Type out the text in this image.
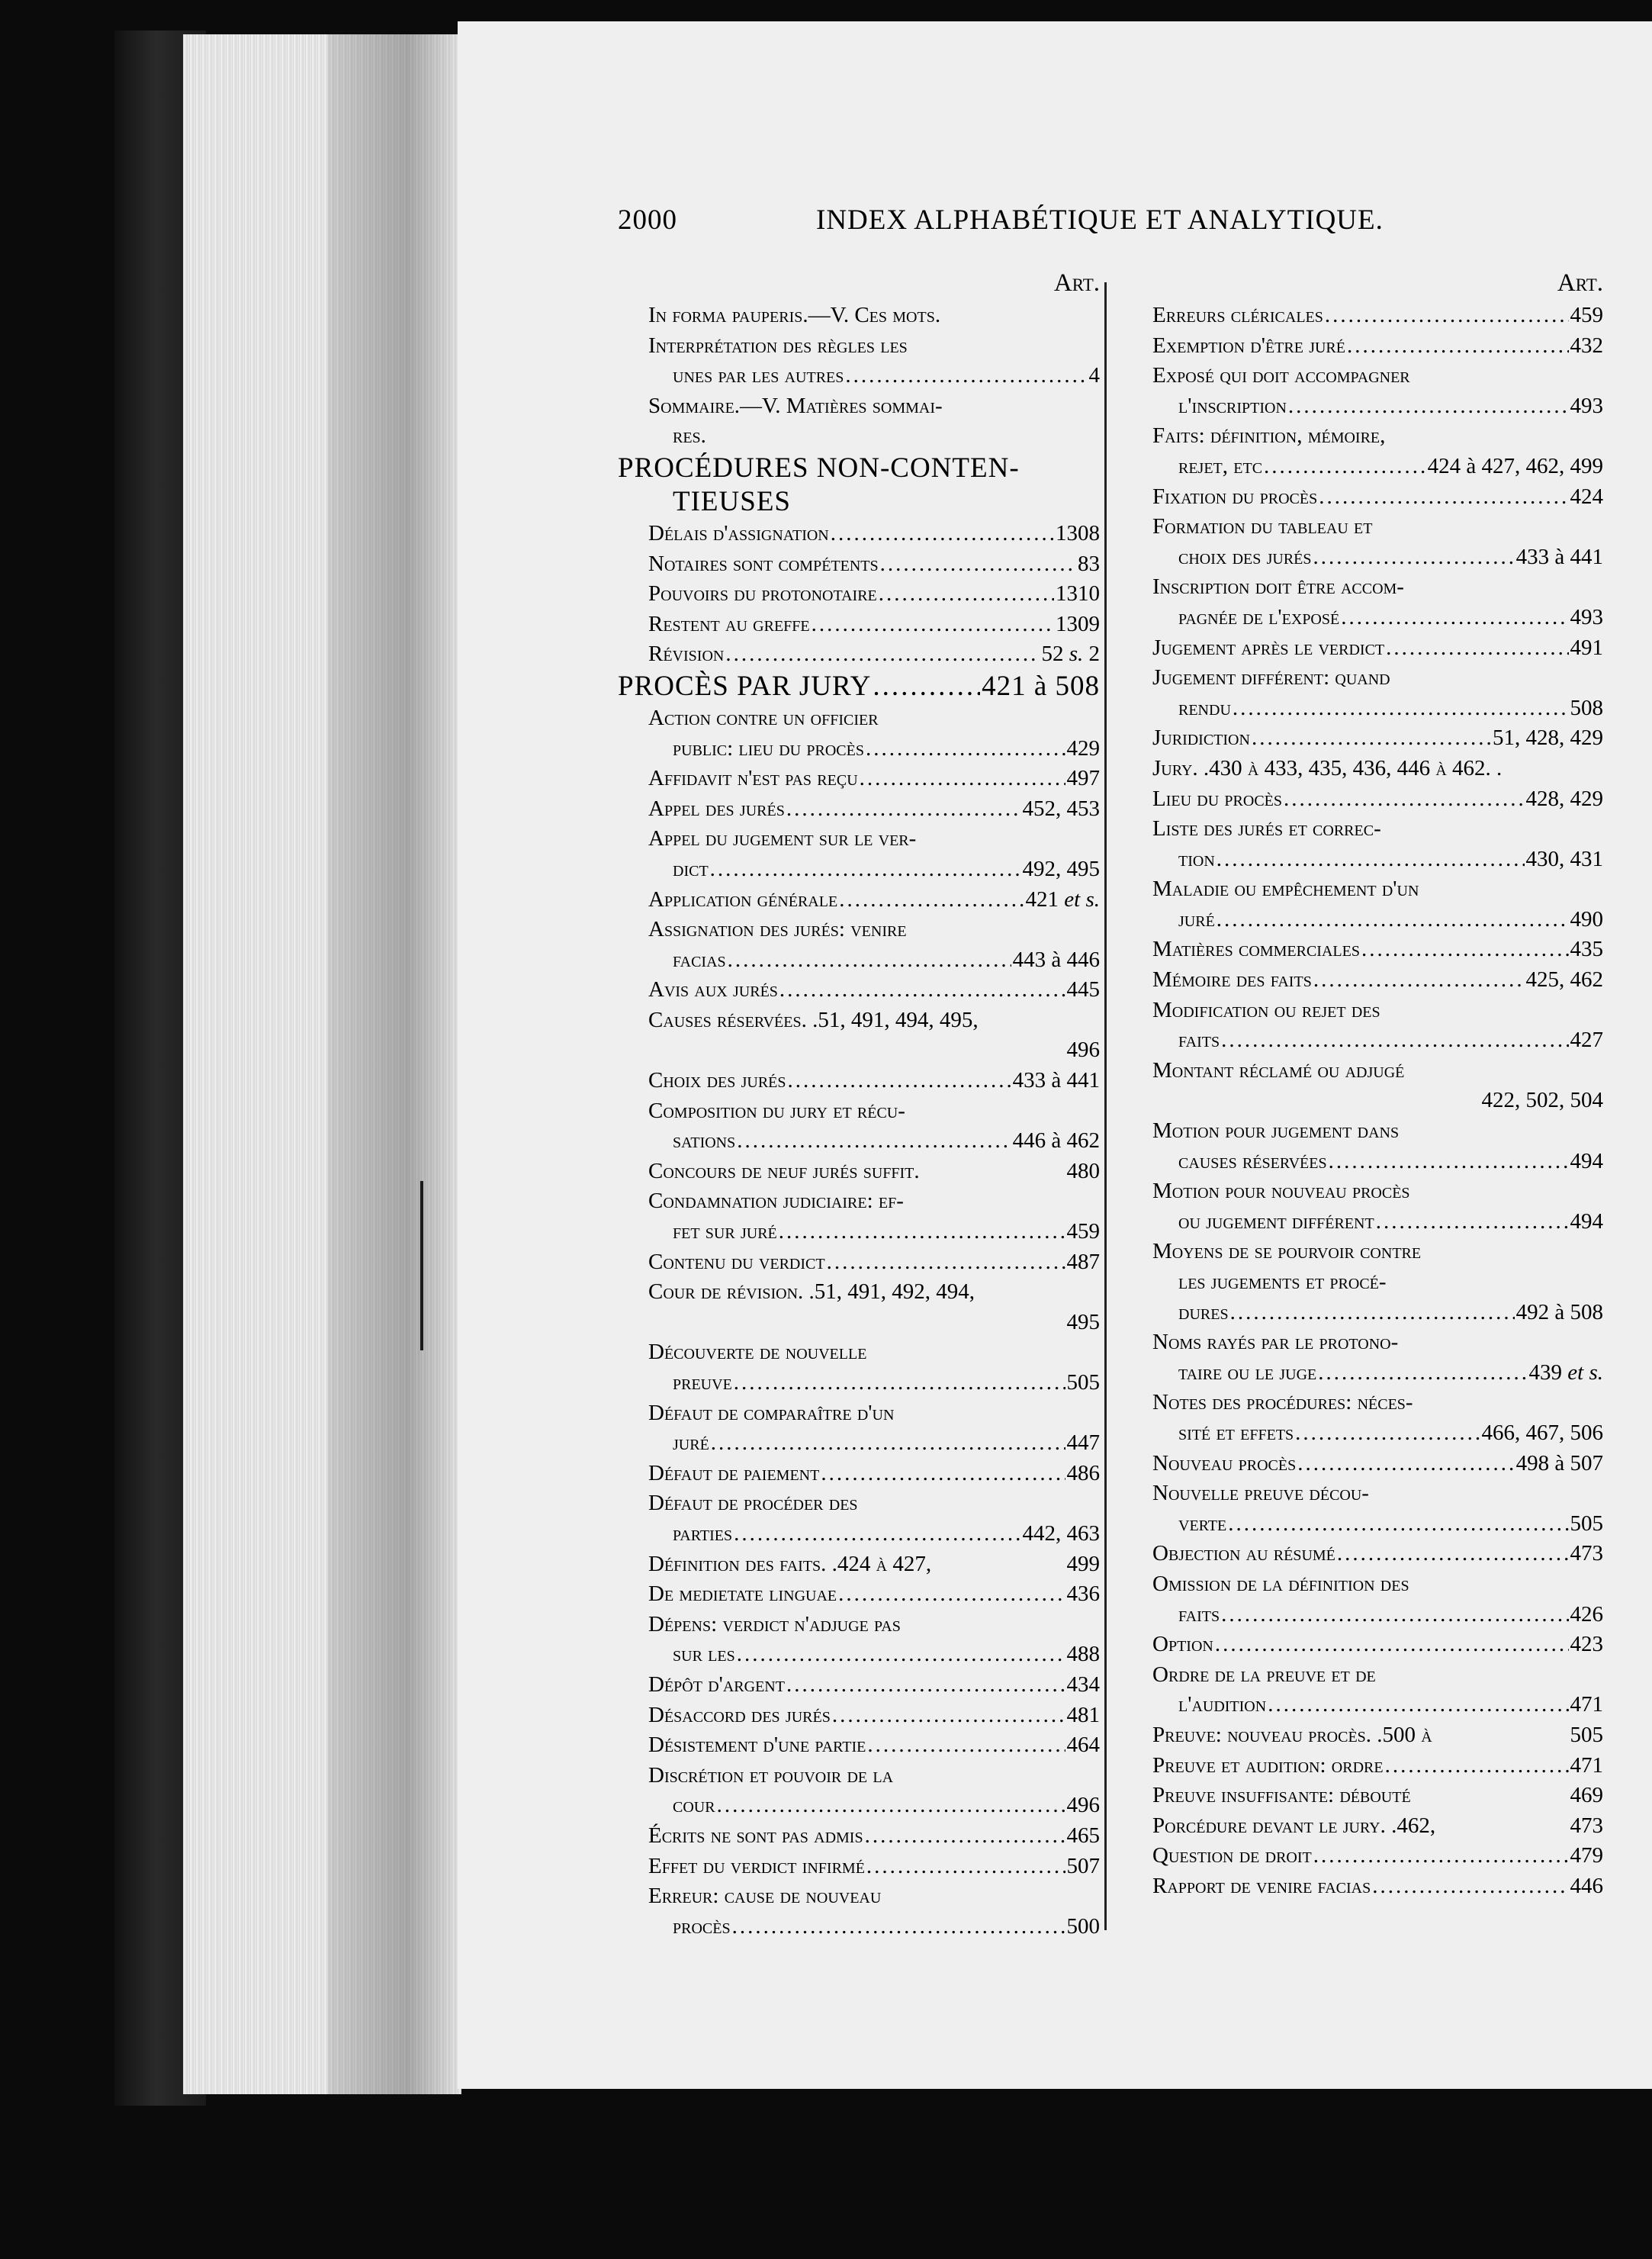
2000	INDEX ALPHABÉTIQUE ET ANALYTIQUE.
Art.
In forma pauperis.—V. Ces mots.
Interprétation des règles les
unes par les autres .....	4
Sommaire.—V. Matières sommai-
res.
PROCÉDURES NON-CONTEN-
TIEUSES
Délais d'assignation .....	1308
Notaires sont compétents .....	83
Pouvoirs du protonotaire .....	1310
Restent au greffe .....	1309
Révision .....	52 s. 2
PROCÈS PAR JURY .....	421 à 508
Action contre un officier
public: lieu du procès .....	429
Affidavit n'est pas reçu .....	497
Appel des jurés .....	452, 453
Appel du jugement sur le ver-
dict .....	492, 495
Application générale .....	421 et s.
Assignation des jurés: venire
facias .....	443 à 446
Avis aux jurés .....	445
Causes réservées. .51, 491, 494, 495,
496
Choix des jurés .....	433 à 441
Composition du jury et récu-
sations .....	446 à 462
Concours de neuf jurés suffit.	480
Condamnation judiciaire: ef-
fet sur juré .....	459
Contenu du verdict .....	487
Cour de révision. .51, 491, 492, 494,
495
Découverte de nouvelle
preuve .....	505
Défaut de comparaître d'un
juré .....	447
Défaut de paiement .....	486
Défaut de procéder des
parties .....	442, 463
Définition des faits. .424 à 427,	499
De medietate linguae .....	436
Dépens: verdict n'adjuge pas
sur les .....	488
Dépôt d'argent .....	434
Désaccord des jurés .....	481
Désistement d'une partie .....	464
Discrétion et pouvoir de la
cour .....	496
Écrits ne sont pas admis .....	465
Effet du verdict infirmé .....	507
Erreur: cause de nouveau
procès .....	500
Art.
Erreurs cléricales .....	459
Exemption d'être juré .....	432
Exposé qui doit accompagner
l'inscription .....	493
Faits: définition, mémoire,
rejet, etc .....	424 à 427, 462, 499
Fixation du procès .....	424
Formation du tableau et
choix des jurés .....	433 à 441
Inscription doit être accom-
pagnée de l'exposé .....	493
Jugement après le verdict .....	491
Jugement différent: quand
rendu .....	508
Juridiction .....	51, 428, 429
Jury. .430 à 433, 435, 436, 446 à 462. .
Lieu du procès .....	428, 429
Liste des jurés et correc-
tion .....	430, 431
Maladie ou empêchement d'un
juré .....	490
Matières commerciales .....	435
Mémoire des faits .....	425, 462
Modification ou rejet des
faits .....	427
Montant réclamé ou adjugé
422, 502, 504
Motion pour jugement dans
causes réservées .....	494
Motion pour nouveau procès
ou jugement différent .....	494
Moyens de se pourvoir contre
les jugements et procé-
dures .....	492 à 508
Noms rayés par le protono-
taire ou le juge .....	439 et s.
Notes des procédures: néces-
sité et effets .....	466, 467, 506
Nouveau procès .....	498 à 507
Nouvelle preuve décou-
verte .....	505
Objection au résumé .....	473
Omission de la définition des
faits .....	426
Option .....	423
Ordre de la preuve et de
l'audition .....	471
Preuve: nouveau procès. .500 à	505
Preuve et audition: ordre .....	471
Preuve insuffisante: débouté	469
Porcédure devant le jury. .462,	473
Question de droit .....	479
Rapport de venire facias .....	446
